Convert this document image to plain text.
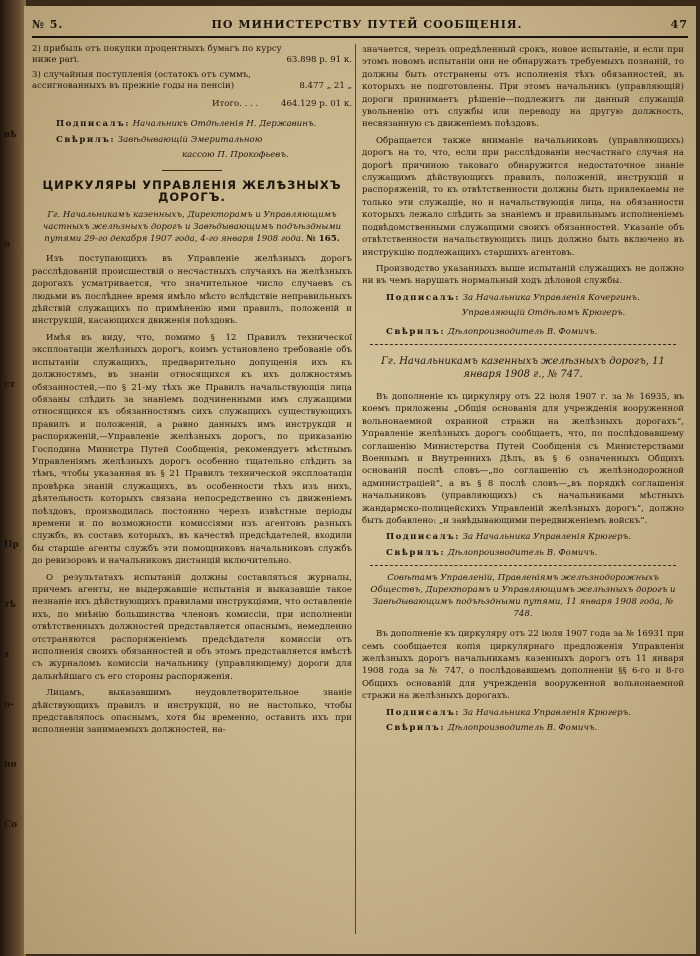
вѣ
о
ст
Пр
тѣ
т
о-
по
Со
№ 5.	ПО МИНИСТЕРСТВУ ПУТЕЙ СООБЩЕНІЯ.	47
2) прибыль отъ покупки процентныхъ бумагъ по курсу ниже pari.	63.898 р. 91 к.
3) случайныя поступленія (остатокъ отъ суммъ, ассигнованныхъ въ прежніе годы на пенсіи)	8.477 „ 21 „
Итого. . . .	464.129 р. 01 к.
Подписалъ: Начальникъ Отдѣленія Н. Державинъ.
Свѣрилъ: Завѣдывающій Эмеритальною
кассою П. Прокофьевъ.
ЦИРКУЛЯРЫ УПРАВЛЕНІЯ ЖЕЛѢЗНЫХЪ ДОРОГЪ.
Гг. Начальникамъ казенныхъ, Директорамъ и Управляющимъ частныхъ желѣзныхъ дорогъ и Завѣдывающимъ подъѣздными путями 29-го декабря 1907 года, 4-го января 1908 года. № 165.

Изъ поступающихъ въ Управленіе желѣзныхъ дорогъ расслѣдованій происшествій о несчастныхъ случаяхъ на желѣзныхъ дорогахъ усматривается, что значительное число случаевъ съ людьми въ послѣднее время имѣло мѣсто вслѣдствіе неправильныхъ дѣйствій служащихъ по примѣненію ими правилъ, положеній и инструкцій, касающихся движенія поѣздовъ.

Имѣя въ виду, что, помимо § 12 Правилъ техническої эксплоатаціи желѣзныхъ дорогъ, коимъ установлено требованіе объ испытаніи служащихъ, предварительно допущенія ихъ къ должностямъ, въ знаніи относящихся къ ихъ должностямъ обязанностей,—по § 21-му тѣхъ же Правилъ начальствующія лица обязаны слѣдить за знаніемъ подчиненными имъ служащими относящихся къ обязанностямъ сихъ служащихъ существующихъ правилъ и положеній, а равно данныхъ имъ инструкцій и распоряженій,—Управленіе желѣзныхъ дорогъ, по приказанію Господина Министра Путей Сообщенія, рекомендуетъ мѣстнымъ Управленіямъ желѣзныхъ дорогъ особенно тщательно слѣдить за тѣмъ, чтобы указанная въ § 21 Правилъ технической эксплоатаціи провѣрка знаній служащихъ, въ особенности тѣхъ изъ нихъ, дѣятельность которыхъ связана непосредственно съ движеніемъ поѣздовъ, производилась постоянно черезъ извѣстные періоды времени и по возможности комиссіями изъ агентовъ разныхъ службъ, въ составъ которыхъ, въ качествѣ предсѣдателей, входили бы старшіе агенты службъ эти помощниковъ начальниковъ службъ до ревизоровъ и начальниковъ дистанцій включительно.

О результатахъ испытаній должны составляться журналы, причемъ агенты, не выдержавшіе испытанія и выказавшіе такое незнаніе ихъ дѣйствующихъ правилами инструкціями, что оставленіе ихъ, по мнѣнію большинства членовъ комиссіи, при исполненіи отвѣтственныхъ должностей представляется опаснымъ, немедленно отстраняются распоряженіемъ предсѣдателя комиссіи отъ исполненія своихъ обязанностей и объ этомъ представляется вмѣстѣ съ журналомъ комиссіи начальнику (управляющему) дороги для дальнѣйшаго съ его стороны распоряженія.

Лицамъ, выказавшимъ неудовлетворительное знаніе дѣйствующихъ правилъ и инструкцій, но не настолько, чтобы представлялось опаснымъ, хотя бы временно, оставить ихъ при исполненіи занимаемыхъ должностей, на-

значается, черезъ опредѣленный срокъ, новое испытаніе, и если при этомъ новомъ испытаніи они не обнаружатъ требуемыхъ познаній, то должны быть отстранены отъ исполненія тѣхъ обязанностей, въ которыхъ не подготовлены. При этомъ начальникъ (управляющій) дороги принимаетъ рѣшеніе—подлежитъ ли данный служащій увольненію отъ службы или переводу на другую должность, несвязанную съ движеніемъ поѣздовъ.

Обращается также вниманіе начальниковъ (управляющихъ) дорогъ на то, что, если при расслѣдованіи несчастнаго случая на дорогѣ причиною таковаго обнаружится недостаточное знаніе служащимъ дѣйствующихъ правилъ, положеній, инструкцій и распоряженій, то къ отвѣтственности должны быть привлекаемы не только эти служащіе, но и начальствующія лица, на обязанности которыхъ лежало слѣдить за знаніемъ и правильнымъ исполненіемъ подвѣдомственными служащими своихъ обязанностей. Указаніе объ отвѣтственности начальствующихъ лицъ должно быть включено въ инструкцію подлежащихъ старшихъ агентовъ.

Производство указанныхъ выше испытаній служащихъ не должно ни въ чемъ нарушать нормальный ходъ дѣловой службы.

Подписалъ: За Начальника Управленія Кочергинъ.
Управляющій Отдѣломъ Крюгеръ.
Свѣрилъ: Дѣлопроизводитель В. Фомичъ.
Гг. Начальникамъ казенныхъ желѣзныхъ дорогъ, 11 января 1908 г., № 747.

Въ дополненіе къ циркуляру отъ 22 іюля 1907 г. за № 16935, въ коемъ приложены „Общія основанія для учрежденія вооруженной вольнонаемной охранной стражи на желѣзныхъ дорогахъ“, Управленіе желѣзныхъ дорогъ сообщаетъ, что, по послѣдовавшему соглашенію Министерства Путей Сообщенія съ Министерствами Военнымъ и Внутреннихъ Дѣлъ, въ § 6 означенныхъ Общихъ основаній послѣ словъ—„по соглашенію съ желѣзнодорожной администраціей“, а въ § 8 послѣ словъ—„въ порядкѣ соглашенія начальниковъ (управляющихъ) съ начальниками мѣстныхъ жандармско-полицейскихъ Управленій желѣзныхъ дорогъ“, должно быть добавлено: „и завѣдывающими передвиженіемъ войскъ“.

Подписалъ: За Начальника Управленія Крюгеръ.
Свѣрилъ: Дѣлопроизводитель В. Фомичъ.
Совѣтамъ Управленій, Правленіямъ желѣзнодорожныхъ Обществъ, Директорамъ и Управляющимъ желѣзныхъ дорогъ и Завѣдывающимъ подъѣздными путями, 11 января 1908 года, № 748.

Въ дополненіе къ циркуляру отъ 22 іюля 1907 года за № 16931 при семъ сообщается копія циркулярнаго предложенія Управленія желѣзныхъ дорогъ начальникамъ казенныхъ дорогъ отъ 11 января 1908 года за № 747, о послѣдовавшемъ дополненіи §§ 6-го и 8-го Общихъ основаній для учрежденія вооруженной вольнонаемной стражи на желѣзныхъ дорогахъ.

Подписалъ: За Начальника Управленія Крюгеръ.
Свѣрилъ: Дѣлопроизводитель В. Фомичъ.
